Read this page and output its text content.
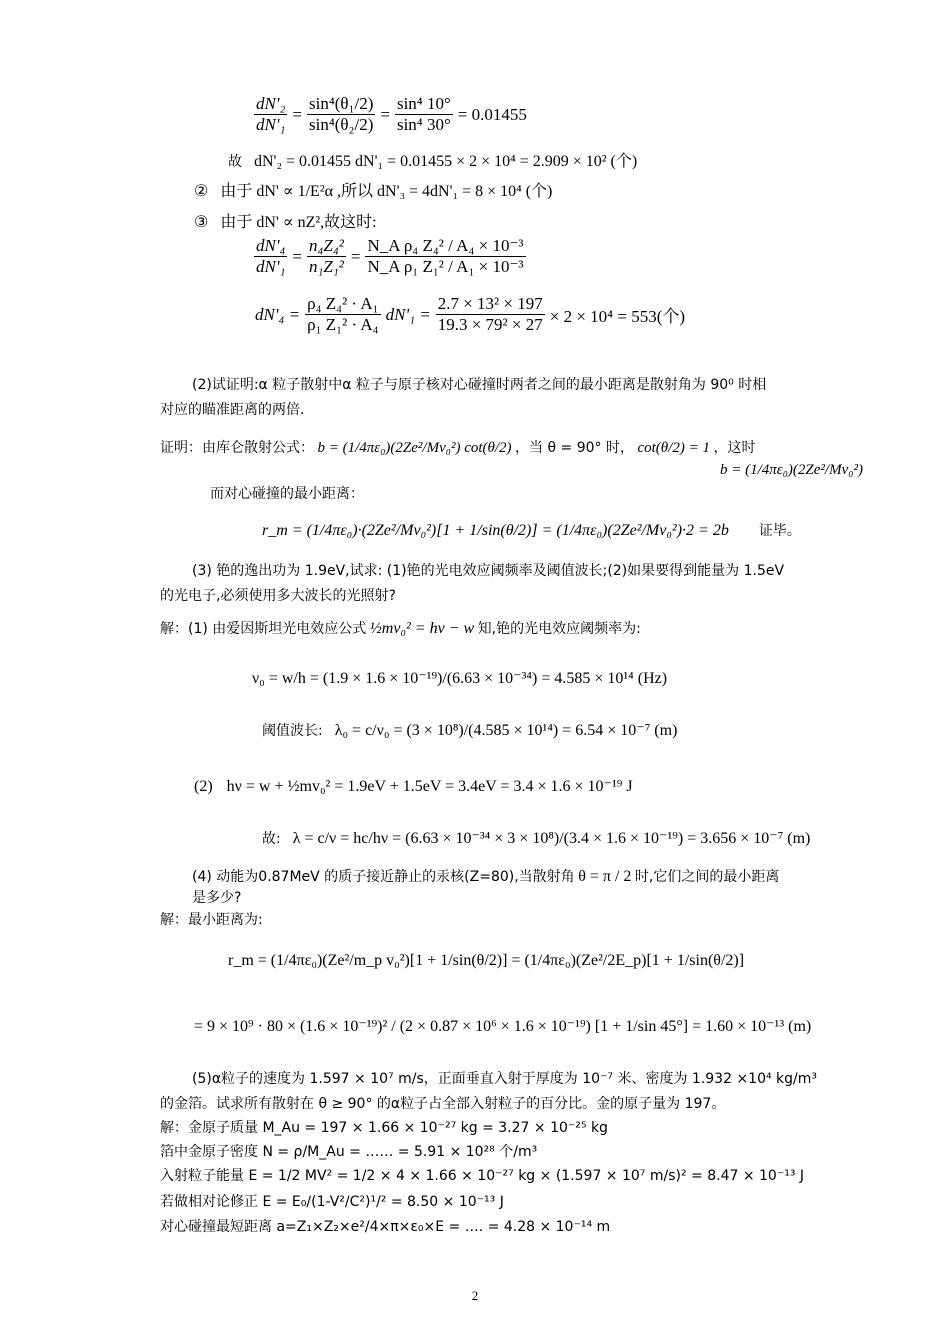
$\frac{\text{dN'₂}}{\text{dN'₁}} = \frac{\text{sin⁴(θ₁/2)}}{\text{sin⁴(θ₂/2)}} = \frac{\text{sin⁴ 10°}}{\text{sin⁴ 30°}} = 0.01455$
故 dN'₂ = 0.01455 dN'₁ = 0.01455 × 2 × 10⁴ = 2.909 × 10² (个)
② 由于 dN' ∝ 1/E²α ,所以 dN'₃ = 4dN'₁ = 8 × 10⁴ (个)
③ 由于 dN' ∝ nZ²,故这时:
$\frac{\text{dN'₄}}{\text{dN'₁}} = \frac{\text{n₄Z₄²}}{\text{n₁Z₁²}} = \frac{\text{N\_A ρ₄ Z₄² / A₄ × 10⁻³}}{\text{N\_A ρ₁ Z₁² / A₁ × 10⁻³}}$
$dN'_4 = \frac{\text{ρ₄ Z₄² · A₁}}{\text{ρ₁ Z₁² · A₄}} dN'_1 = \frac{\text{2.7 × 13² × 197}}{\text{19.3 × 79² × 27}} \times 2 \times 10^4 = 553$(个)
(2)试证明:α 粒子散射中α 粒子与原子核对心碰撞时两者之间的最小距离是散射角为 90⁰ 时相
对应的瞄准距离的两倍.
证明：由库仑散射公式： b = (1/4πε₀)(2Ze²/Mv₀²) cot(θ/2) ，当 θ = 90° 时， cot(θ/2) = 1 ，这时
b = (1/4πε₀)(2Ze²/Mv₀²)
而对心碰撞的最小距离：
r_m = (1/4πε₀)·(2Ze²/Mv₀²)[1 + 1/sin(θ/2)] = (1/4πε₀)(2Ze²/Mv₀²)·2 = 2b 证毕。
(3) 铯的逸出功为 1.9eV,试求: (1)铯的光电效应阈频率及阈值波长;(2)如果要得到能量为 1.5eV
的光电子,必须使用多大波长的光照射?
解：(1) 由爱因斯坦光电效应公式 ½mv₀² = hν − w 知,铯的光电效应阈频率为:
ν₀ = w/h = (1.9 × 1.6 × 10⁻¹⁹)/(6.63 × 10⁻³⁴) = 4.585 × 10¹⁴ (Hz)
阈值波长: λ₀ = c/ν₀ = (3 × 10⁸)/(4.585 × 10¹⁴) = 6.54 × 10⁻⁷ (m)
(2) hν = w + ½mv₀² = 1.9eV + 1.5eV = 3.4eV = 3.4 × 1.6 × 10⁻¹⁹ J
故: λ = c/ν = hc/hν = (6.63 × 10⁻³⁴ × 3 × 10⁸)/(3.4 × 1.6 × 10⁻¹⁹) = 3.656 × 10⁻⁷ (m)
(4) 动能为0.87MeV 的质子接近静止的汞核(Z=80),当散射角 θ = π / 2 时,它们之间的最小距离
是多少?
解：最小距离为:
r_m = (1/4πε₀)(Ze²/m_p v₀²)[1 + 1/sin(θ/2)] = (1/4πε₀)(Ze²/2E_p)[1 + 1/sin(θ/2)]
= 9 × 10⁹ · 80 × (1.6 × 10⁻¹⁹)² / (2 × 0.87 × 10⁶ × 1.6 × 10⁻¹⁹) [1 + 1/sin 45°] = 1.60 × 10⁻¹³ (m)
(5)α粒子的速度为 1.597 × 10⁷ m/s，正面垂直入射于厚度为 10⁻⁷ 米、密度为 1.932 ×10⁴ kg/m³
的金箔。试求所有散射在 θ ≥ 90° 的α粒子占全部入射粒子的百分比。金的原子量为 197。
解：金原子质量 M_Au = 197 × 1.66 × 10⁻²⁷ kg = 3.27 × 10⁻²⁵ kg
箔中金原子密度 N = ρ/M_Au = …… = 5.91 × 10²⁸ 个/m³
入射粒子能量 E = 1/2 MV² = 1/2 × 4 × 1.66 × 10⁻²⁷ kg × (1.597 × 10⁷ m/s)² = 8.47 × 10⁻¹³ J
若做相对论修正 E = E₀/(1-V²/C²)¹/² = 8.50 × 10⁻¹³ J
对心碰撞最短距离 a=Z₁×Z₂×e²/4×π×ε₀×E = …. = 4.28 × 10⁻¹⁴ m
2
